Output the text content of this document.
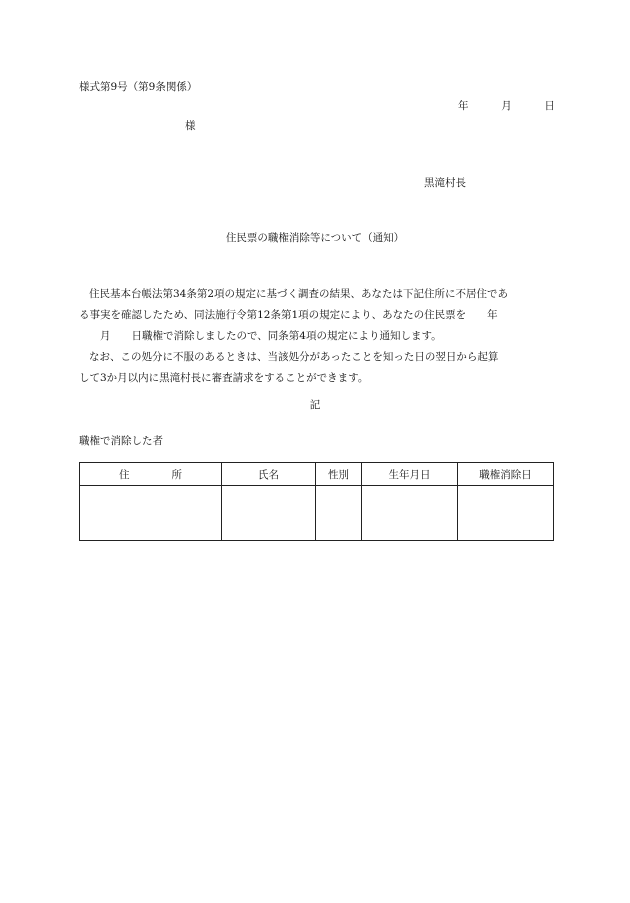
様式第9号（第9条関係）
年	月	日
様
黒滝村長
住民票の職権消除等について（通知）

住民基本台帳法第34条第2項の規定に基づく調査の結果、あなたは下記住所に不居住であ
る事実を確認したため、同法施行令第12条第1項の規定により、あなたの住民票を　　年
　　月　　日職権で消除しましたので、同条第4項の規定により通知します。

なお、この処分に不服のあるときは、当該処分があったことを知った日の翌日から起算
して3か月以内に黒滝村長に審査請求をすることができます。

記
職権で消除した者
住　　　　所	氏名	性別	生年月日	職権消除日
